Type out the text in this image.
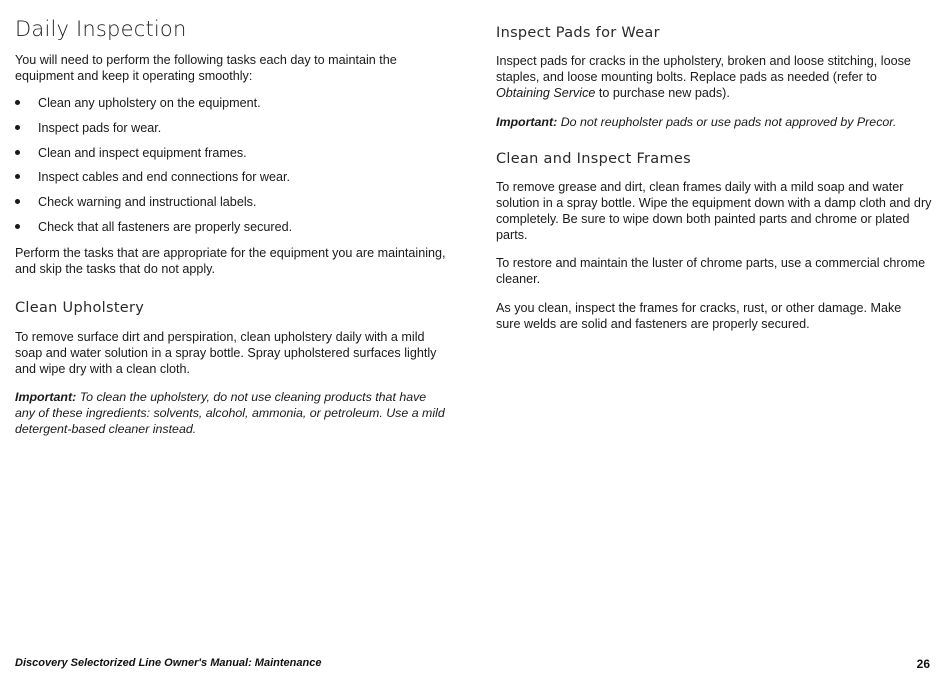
Daily Inspection
You will need to perform the following tasks each day to maintain the equipment and keep it operating smoothly:
Clean any upholstery on the equipment.
Inspect pads for wear.
Clean and inspect equipment frames.
Inspect cables and end connections for wear.
Check warning and instructional labels.
Check that all fasteners are properly secured.
Perform the tasks that are appropriate for the equipment you are maintaining, and skip the tasks that do not apply.
Clean Upholstery
To remove surface dirt and perspiration, clean upholstery daily with a mild soap and water solution in a spray bottle. Spray upholstered surfaces lightly and wipe dry with a clean cloth.
Important: To clean the upholstery, do not use cleaning products that have any of these ingredients: solvents, alcohol, ammonia, or petroleum. Use a mild detergent-based cleaner instead.
Inspect Pads for Wear
Inspect pads for cracks in the upholstery, broken and loose stitching, loose staples, and loose mounting bolts. Replace pads as needed (refer to Obtaining Service to purchase new pads).
Important: Do not reupholster pads or use pads not approved by Precor.
Clean and Inspect Frames
To remove grease and dirt, clean frames daily with a mild soap and water solution in a spray bottle. Wipe the equipment down with a damp cloth and dry completely. Be sure to wipe down both painted parts and chrome or plated parts.
To restore and maintain the luster of chrome parts, use a commercial chrome cleaner.
As you clean, inspect the frames for cracks, rust, or other damage. Make sure welds are solid and fasteners are properly secured.
Discovery Selectorized Line Owner's Manual: Maintenance	26
